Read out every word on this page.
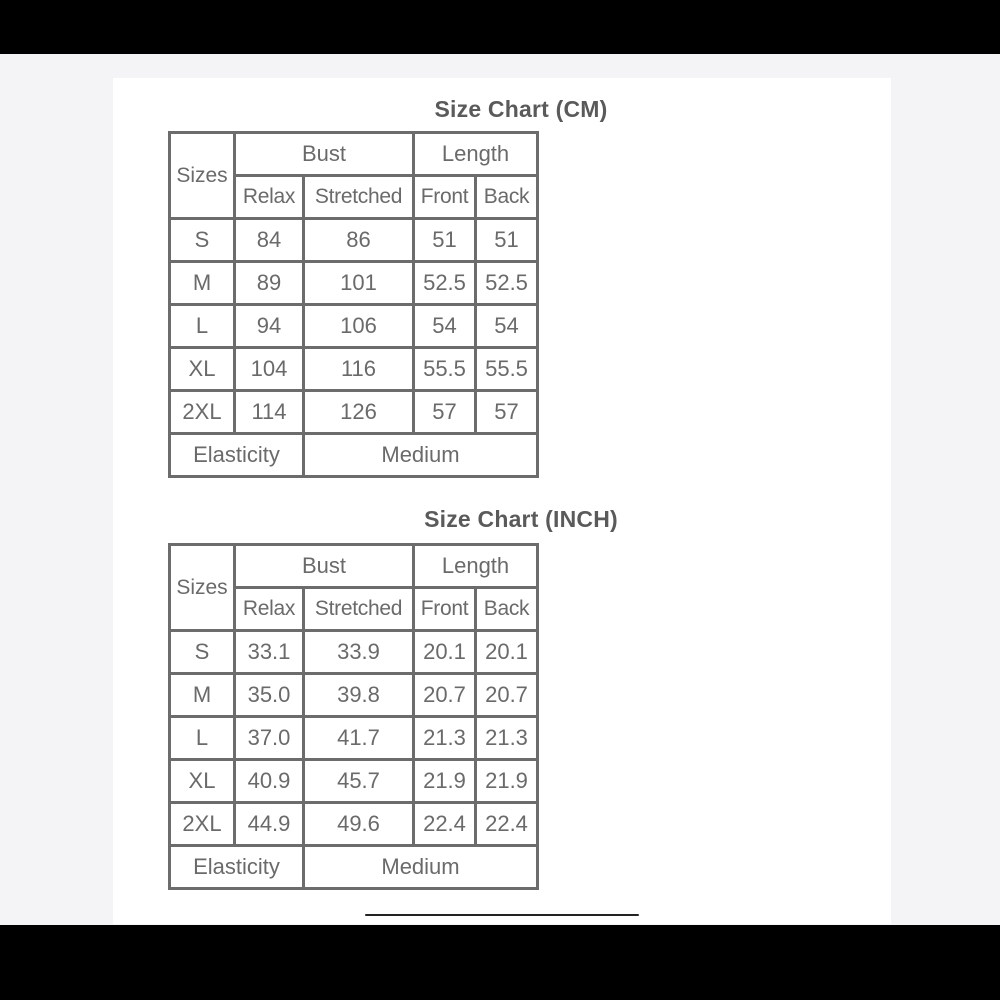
Size Chart (CM)
Sizes	Bust		Length	
	Relax	Stretched	Front	Back
S	84	86	51	51
M	89	101	52.5	52.5
L	94	106	54	54
XL	104	116	55.5	55.5
2XL	114	126	57	57
Elasticity		Medium		
Size Chart (INCH)
Sizes	Bust		Length	
	Relax	Stretched	Front	Back
S	33.1	33.9	20.1	20.1
M	35.0	39.8	20.7	20.7
L	37.0	41.7	21.3	21.3
XL	40.9	45.7	21.9	21.9
2XL	44.9	49.6	22.4	22.4
Elasticity		Medium		
